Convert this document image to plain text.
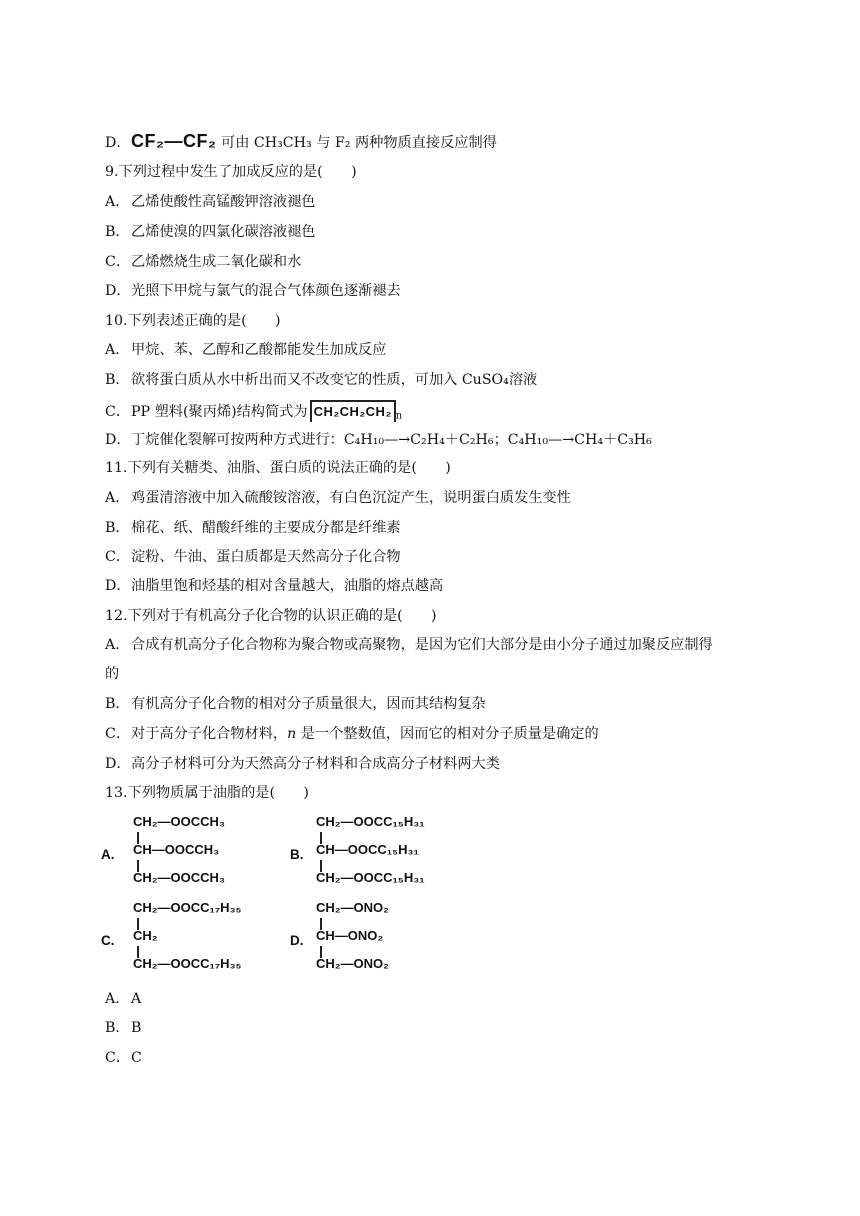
D．CF₂—CF₂ 可由 CH₃CH₃ 与 F₂ 两种物质直接反应制得
9.下列过程中发生了加成反应的是(　　)
A． 乙烯使酸性高锰酸钾溶液褪色
B．乙烯使溴的四氯化碳溶液褪色
C．乙烯燃烧生成二氧化碳和水
D．光照下甲烷与氯气的混合气体颜色逐渐褪去
10.下列表述正确的是(　　)
A． 甲烷、苯、乙醇和乙酸都能发生加成反应
B．欲将蛋白质从水中析出而又不改变它的性质，可加入 CuSO₄溶液
C．PP 塑料(聚丙烯)结构简式为 CH₂CH₂CH₂ $_n$
D．丁烷催化裂解可按两种方式进行：C₄H₁₀—→C₂H₄＋C₂H₆；C₄H₁₀—→CH₄＋C₃H₆
11.下列有关糖类、油脂、蛋白质的说法正确的是(　　)
A． 鸡蛋清溶液中加入硫酸铵溶液，有白色沉淀产生，说明蛋白质发生变性
B．棉花、纸、醋酸纤维的主要成分都是纤维素
C．淀粉、牛油、蛋白质都是天然高分子化合物
D．油脂里饱和烃基的相对含量越大，油脂的熔点越高
12.下列对于有机高分子化合物的认识正确的是(　　)
A． 合成有机高分子化合物称为聚合物或高聚物，是因为它们大部分是由小分子通过加聚反应制得
的
B．有机高分子化合物的相对分子质量很大，因而其结构复杂
C．对于高分子化合物材料，n 是一个整数值，因而它的相对分子质量是确定的
D．高分子材料可分为天然高分子材料和合成高分子材料两大类
13.下列物质属于油脂的是(　　)
A.
CH₂—OOCCH₃
CH—OOCCH₃
CH₂—OOCCH₃
B.
CH₂—OOCC₁₅H₃₁
CH—OOCC₁₅H₃₁
CH₂—OOCC₁₅H₃₁
C.
CH₂—OOCC₁₇H₃₅
CH₂
CH₂—OOCC₁₇H₃₅
D.
CH₂—ONO₂
CH—ONO₂
CH₂—ONO₂
A． A
B．B
C．C
